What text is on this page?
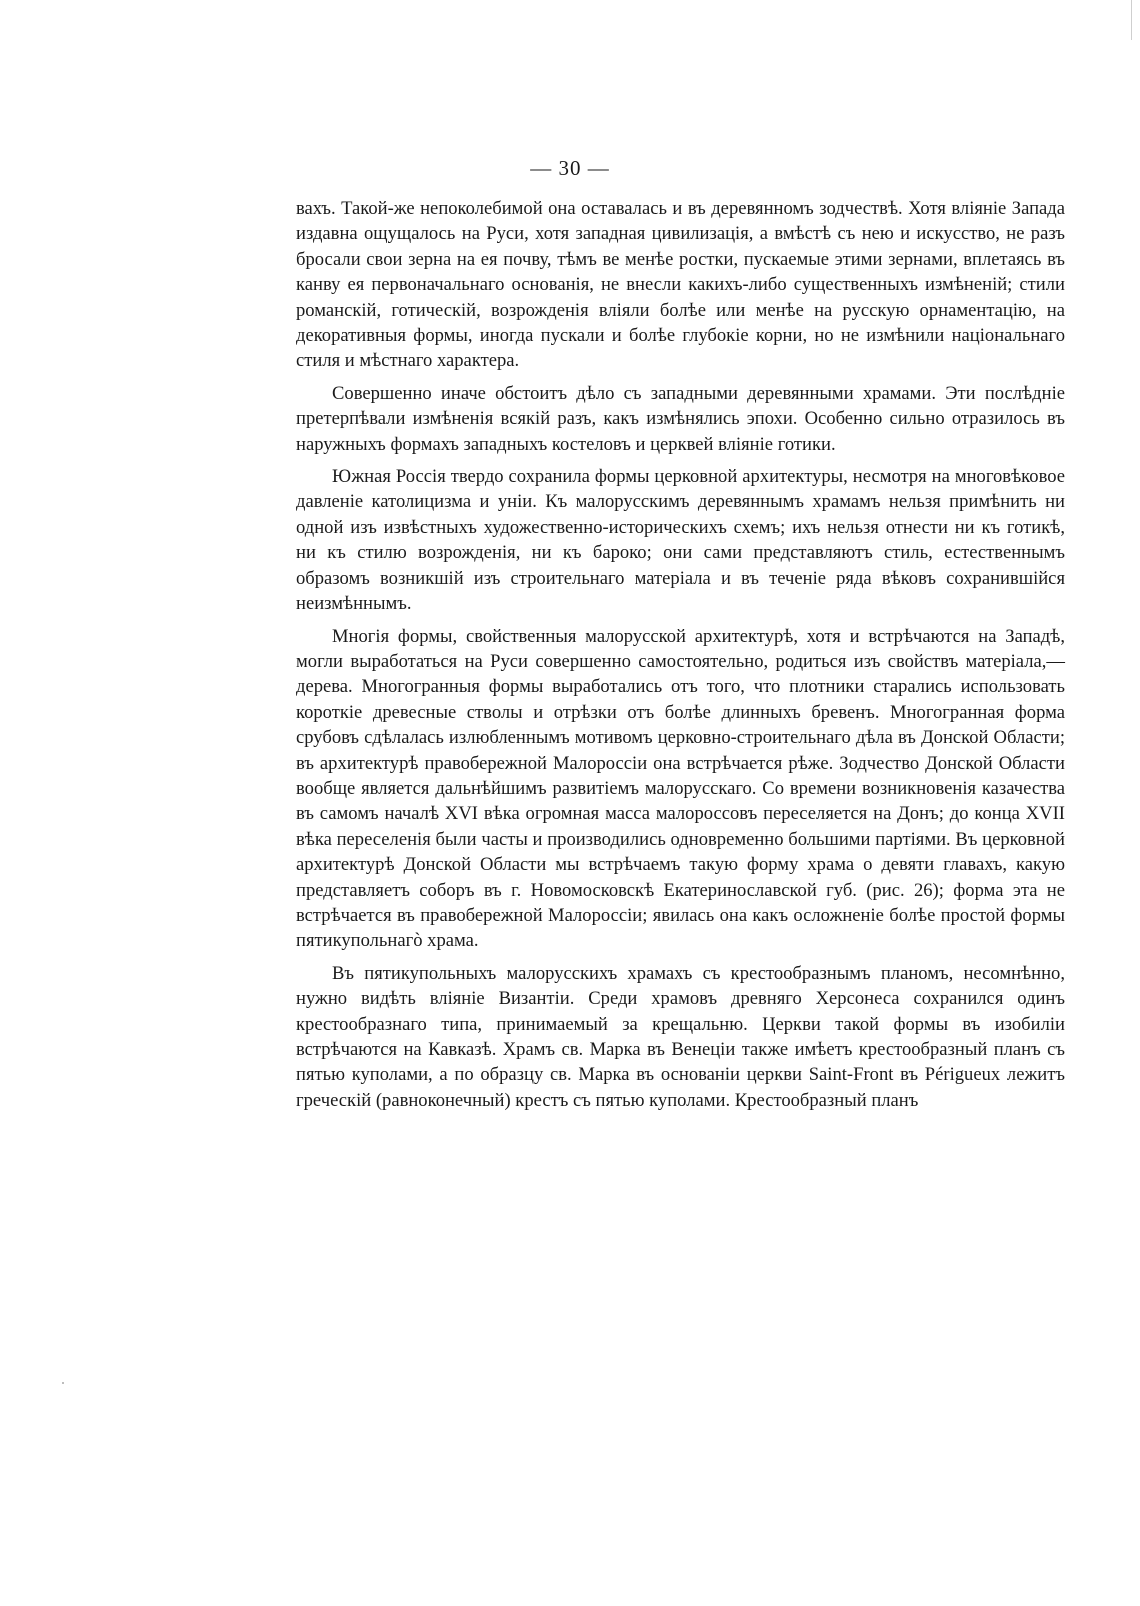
— 30 —

вахъ. Такой-же непоколебимой она оставалась и въ деревянномъ зодчествѣ. Хотя вліяніе Запада издавна ощущалось на Руси, хотя западная цивилизація, а вмѣстѣ съ нею и искусство, не разъ бросали свои зерна на ея почву, тѣмъ ве менѣе ростки, пускаемые этими зернами, вплетаясь въ канву ея первоначальнаго основанія, не внесли какихъ-либо существенныхъ измѣненій; стили романскій, готическій, возрожденія вліяли болѣе или менѣе на русскую орнаментацію, на декоративныя формы, иногда пускали и болѣе глубокіе корни, но не измѣнили національнаго стиля и мѣстнаго характера.

Совершенно иначе обстоитъ дѣло съ западными деревянными храмами. Эти послѣдніе претерпѣвали измѣненія всякій разъ, какъ измѣнялись эпохи. Особенно сильно отразилось въ наружныхъ формахъ западныхъ костеловъ и церквей вліяніе готики.

Южная Россія твердо сохранила формы церковной архитектуры, несмотря на многовѣковое давленіе католицизма и уніи. Къ малорусскимъ деревяннымъ храмамъ нельзя примѣнить ни одной изъ извѣстныхъ художественно-историческихъ схемъ; ихъ нельзя отнести ни къ готикѣ, ни къ стилю возрожденія, ни къ бароко; они сами представляютъ стиль, естественнымъ образомъ возникшій изъ строительнаго матеріала и въ теченіе ряда вѣковъ сохранившійся неизмѣннымъ.

Многія формы, свойственныя малорусской архитектурѣ, хотя и встрѣчаются на Западѣ, могли выработаться на Руси совершенно самостоятельно, родиться изъ свойствъ матеріала,—дерева. Многогранныя формы выработались отъ того, что плотники старались использовать короткіе древесные стволы и отрѣзки отъ болѣе длинныхъ бревенъ. Многогранная форма срубовъ сдѣлалась излюбленнымъ мотивомъ церковно-строительнаго дѣла въ Донской Области; въ архитектурѣ правобережной Малороссіи она встрѣчается рѣже. Зодчество Донской Области вообще является дальнѣйшимъ развитіемъ малорусскаго. Со времени возникновенія казачества въ самомъ началѣ XVI вѣка огромная масса малороссовъ переселяется на Донъ; до конца XVII вѣка переселенія были часты и производились одновременно большими партіями. Въ церковной архитектурѣ Донской Области мы встрѣчаемъ такую форму храма о девяти главахъ, какую представляетъ соборъ въ г. Новомосковскѣ Екатеринославской губ. (рис. 26); форма эта не встрѣчается въ правобережной Малороссіи; явилась она какъ осложненіе болѣе простой формы пятикупольнагò храма.

Въ пятикупольныхъ малорусскихъ храмахъ съ крестообразнымъ планомъ, несомнѣнно, нужно видѣть вліяніе Византіи. Среди храмовъ древняго Херсонеса сохранился одинъ крестообразнаго типа, принимаемый за крещальню. Церкви такой формы въ изобиліи встрѣчаются на Кавказѣ. Храмъ св. Марка въ Венеціи также имѣетъ крестообразный планъ съ пятью куполами, а по образцу св. Марка въ основаніи церкви Saint-Front въ Périgueux лежитъ греческій (равноконечный) крестъ съ пятью куполами. Крестообразный планъ
